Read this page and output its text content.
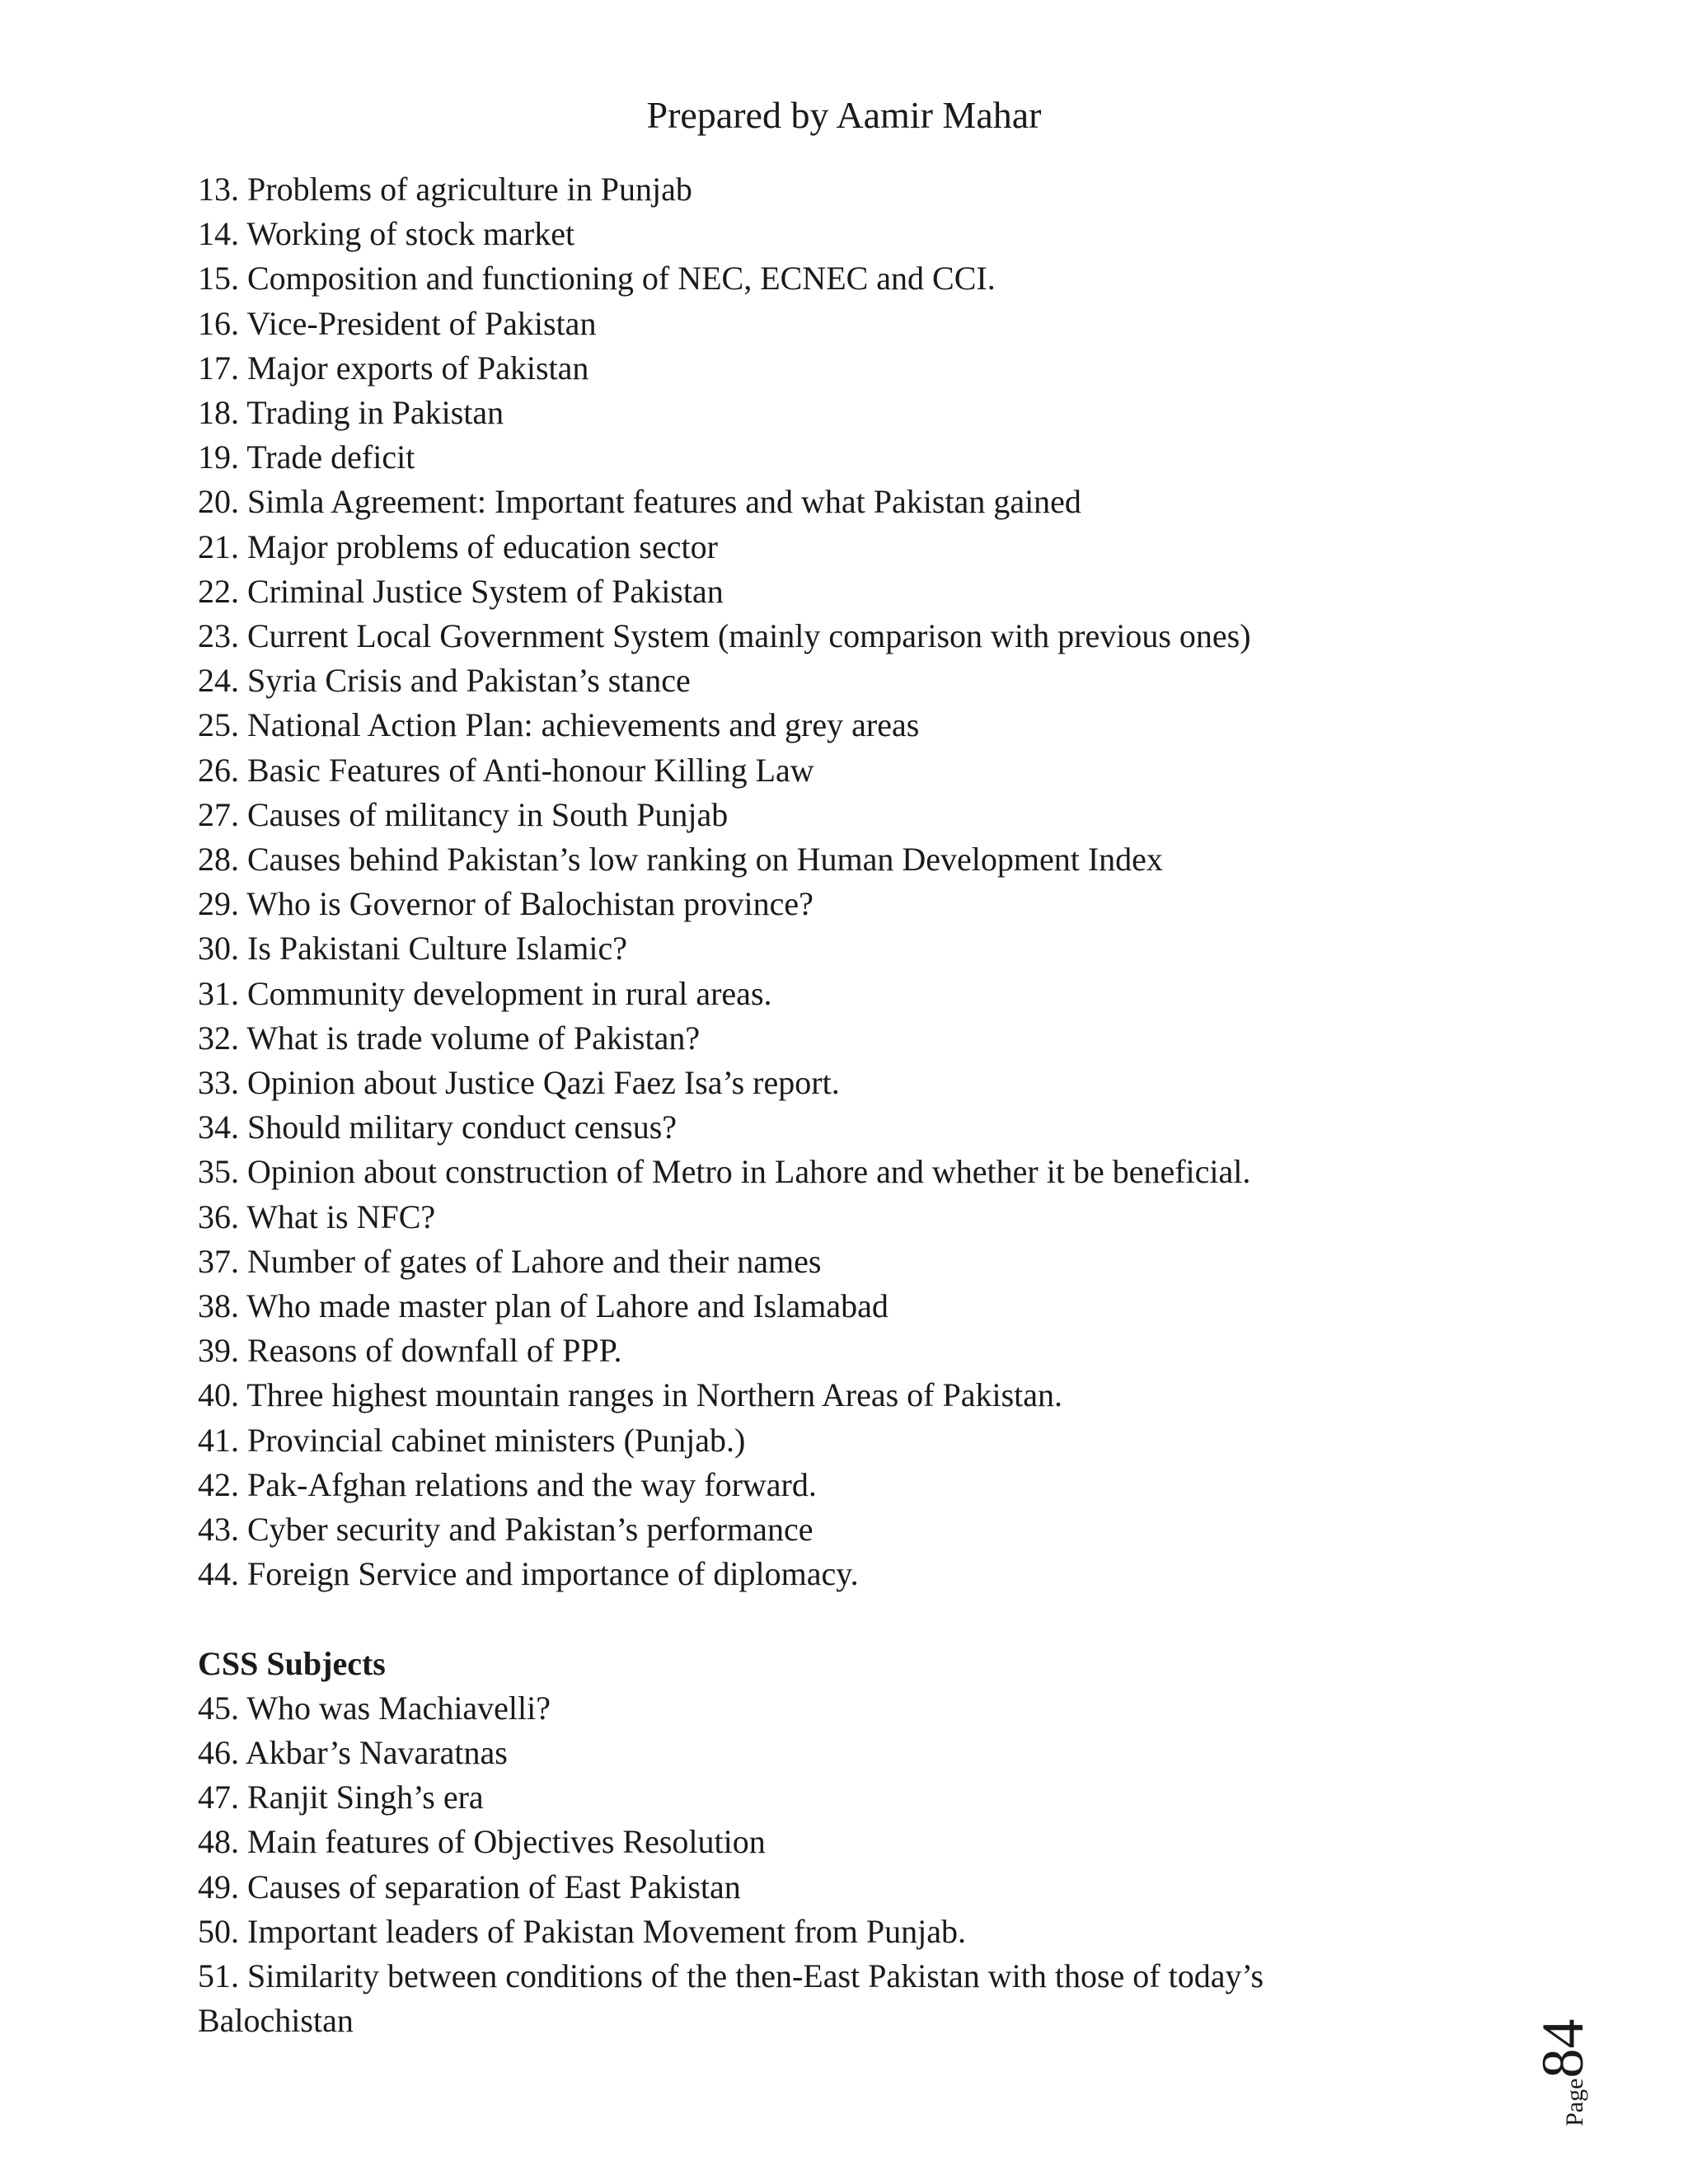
Prepared by Aamir Mahar

13. Problems of agriculture in Punjab

14. Working of stock market

15. Composition and functioning of NEC, ECNEC and CCI.

16. Vice-President of Pakistan

17. Major exports of Pakistan

18. Trading in Pakistan

19. Trade deficit

20. Simla Agreement: Important features and what Pakistan gained

21. Major problems of education sector

22. Criminal Justice System of Pakistan

23. Current Local Government System (mainly comparison with previous ones)

24. Syria Crisis and Pakistan’s stance

25. National Action Plan: achievements and grey areas

26. Basic Features of Anti-honour Killing Law

27. Causes of militancy in South Punjab

28. Causes behind Pakistan’s low ranking on Human Development Index

29. Who is Governor of Balochistan province?

30. Is Pakistani Culture Islamic?

31. Community development in rural areas.

32. What is trade volume of Pakistan?

33. Opinion about Justice Qazi Faez Isa’s report.

34. Should military conduct census?

35. Opinion about construction of Metro in Lahore and whether it be beneficial.

36. What is NFC?

37. Number of gates of Lahore and their names

38. Who made master plan of Lahore and Islamabad

39. Reasons of downfall of PPP.

40. Three highest mountain ranges in Northern Areas of Pakistan.

41. Provincial cabinet ministers (Punjab.)

42. Pak-Afghan relations and the way forward.

43. Cyber security and Pakistan’s performance

44. Foreign Service and importance of diplomacy.

CSS Subjects

45. Who was Machiavelli?

46. Akbar’s Navaratnas

47. Ranjit Singh’s era

48. Main features of Objectives Resolution

49. Causes of separation of East Pakistan

50. Important leaders of Pakistan Movement from Punjab.

51. Similarity between conditions of the then-East Pakistan with those of today’s Balochistan

Page
84
